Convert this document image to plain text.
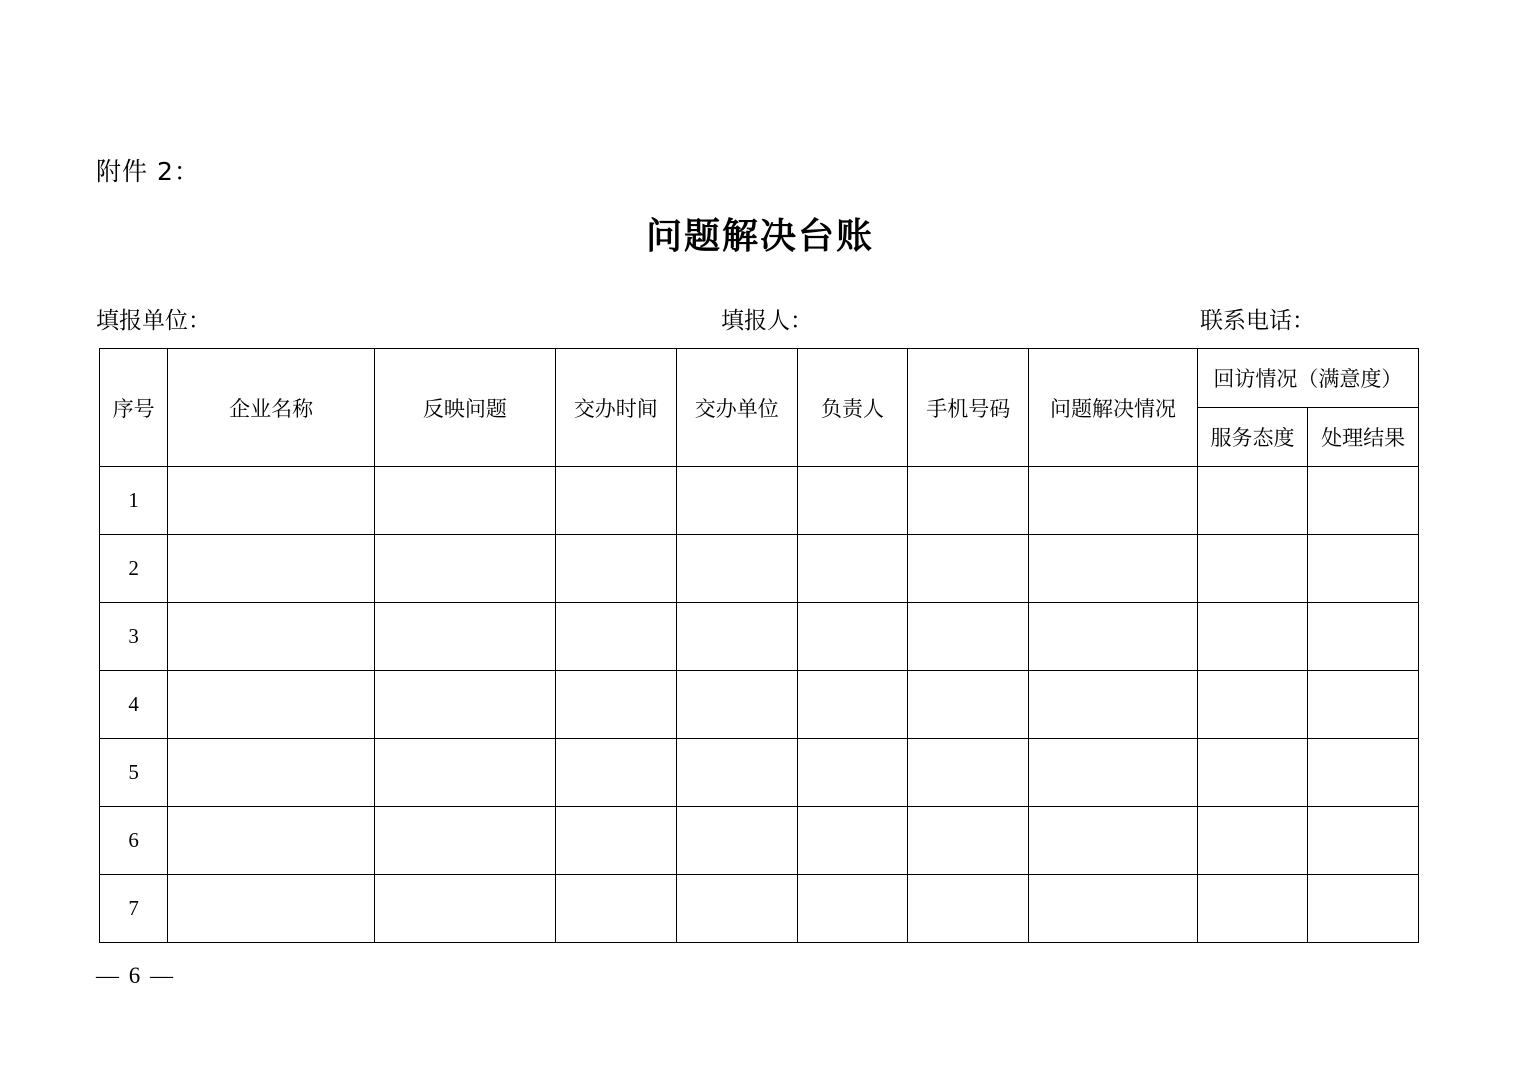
附件 2：
问题解决台账
填报单位：	填报人：	联系电话：
序号	企业名称	反映问题	交办时间	交办单位	负责人	手机号码	问题解决情况	回访情况（满意度）	
								服务态度	处理结果
1									
2									
3									
4									
5									
6									
7									
— 6 —
